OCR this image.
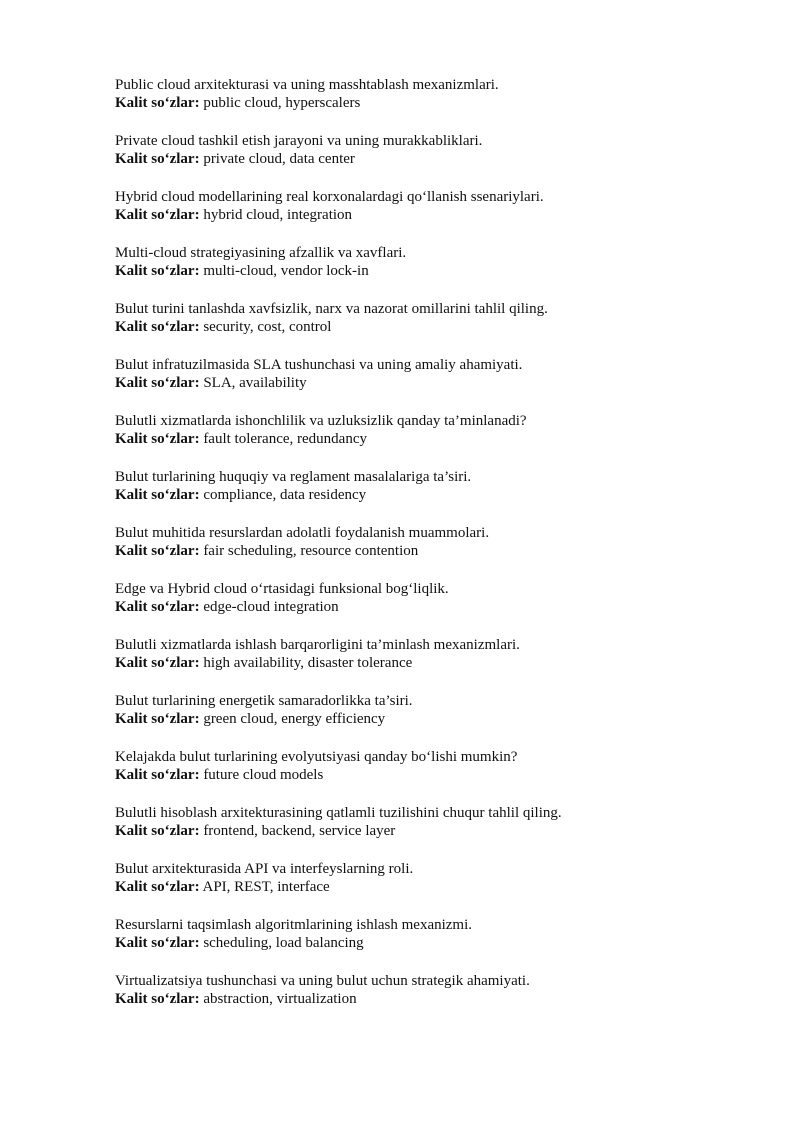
Public cloud arxitekturasi va uning masshtablash mexanizmlari.
Kalit so‘zlar: public cloud, hyperscalers
Private cloud tashkil etish jarayoni va uning murakkabliklari.
Kalit so‘zlar: private cloud, data center
Hybrid cloud modellarining real korxonalardagi qo‘llanish ssenariylari.
Kalit so‘zlar: hybrid cloud, integration
Multi-cloud strategiyasining afzallik va xavflari.
Kalit so‘zlar: multi-cloud, vendor lock-in
Bulut turini tanlashda xavfsizlik, narx va nazorat omillarini tahlil qiling.
Kalit so‘zlar: security, cost, control
Bulut infratuzilmasida SLA tushunchasi va uning amaliy ahamiyati.
Kalit so‘zlar: SLA, availability
Bulutli xizmatlarda ishonchlilik va uzluksizlik qanday ta’minlanadi?
Kalit so‘zlar: fault tolerance, redundancy
Bulut turlarining huquqiy va reglament masalalariga ta’siri.
Kalit so‘zlar: compliance, data residency
Bulut muhitida resurslardan adolatli foydalanish muammolari.
Kalit so‘zlar: fair scheduling, resource contention
Edge va Hybrid cloud o‘rtasidagi funksional bog‘liqlik.
Kalit so‘zlar: edge-cloud integration
Bulutli xizmatlarda ishlash barqarorligini ta’minlash mexanizmlari.
Kalit so‘zlar: high availability, disaster tolerance
Bulut turlarining energetik samaradorlikka ta’siri.
Kalit so‘zlar: green cloud, energy efficiency
Kelajakda bulut turlarining evolyutsiyasi qanday bo‘lishi mumkin?
Kalit so‘zlar: future cloud models
Bulutli hisoblash arxitekturasining qatlamli tuzilishini chuqur tahlil qiling.
Kalit so‘zlar: frontend, backend, service layer
Bulut arxitekturasida API va interfeyslarning roli.
Kalit so‘zlar: API, REST, interface
Resurslarni taqsimlash algoritmlarining ishlash mexanizmi.
Kalit so‘zlar: scheduling, load balancing
Virtualizatsiya tushunchasi va uning bulut uchun strategik ahamiyati.
Kalit so‘zlar: abstraction, virtualization
